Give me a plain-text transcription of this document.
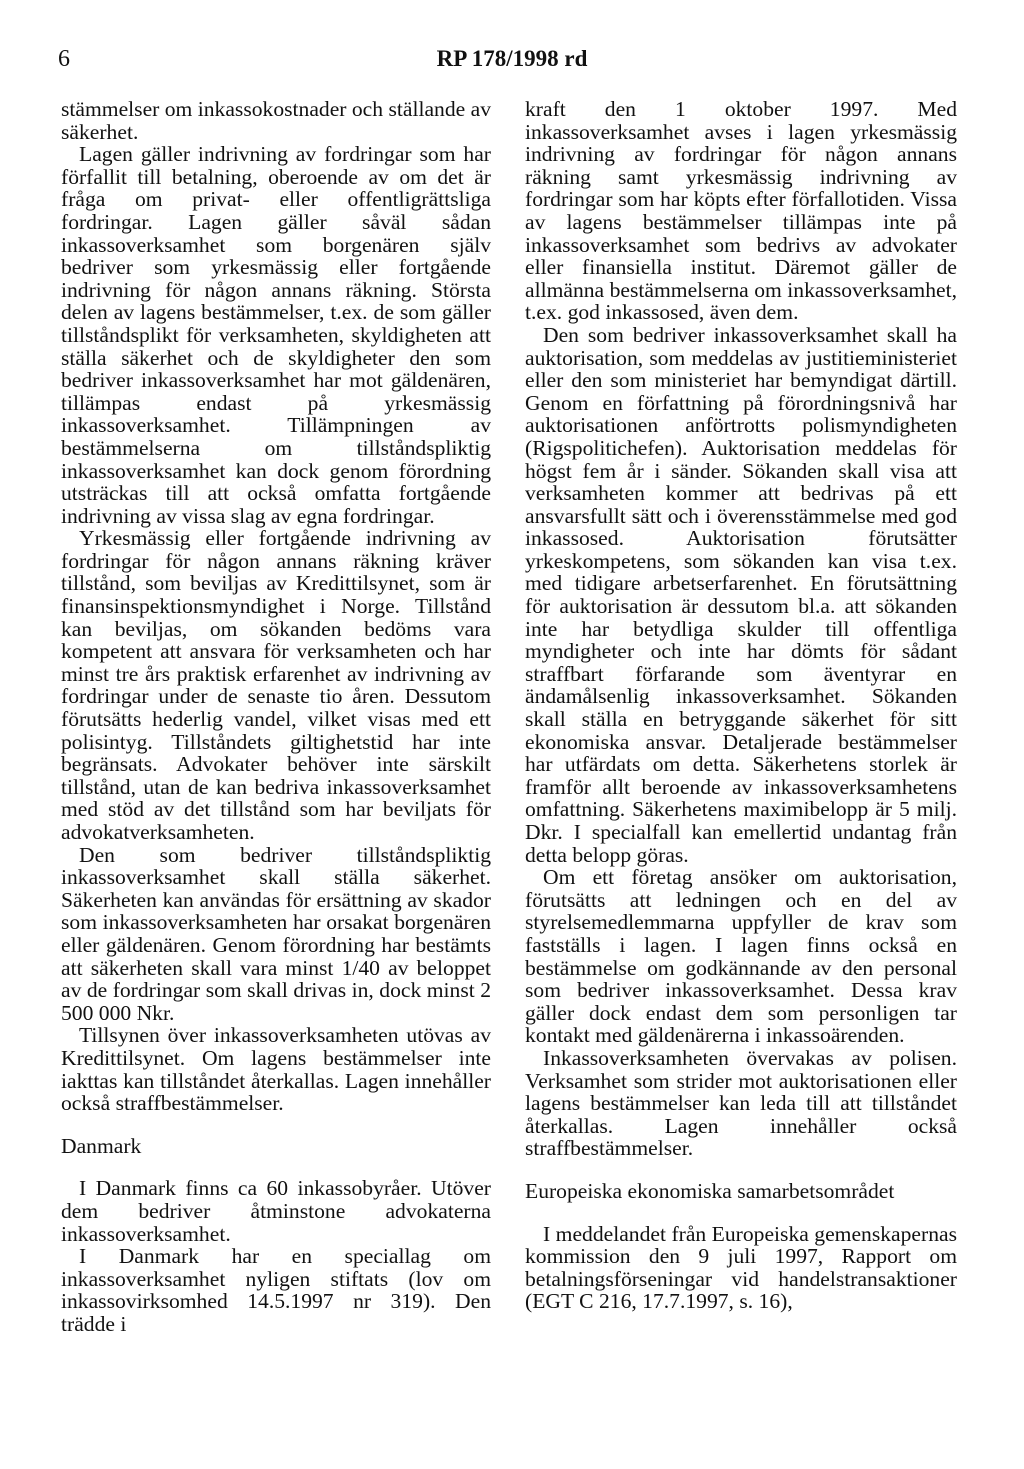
6	RP 178/1998 rd

stämmelser om inkassokostnader och ställande av säkerhet.

Lagen gäller indrivning av fordringar som har förfallit till betalning, oberoende av om det är fråga om privat- eller offentligrättsliga fordringar. Lagen gäller såväl sådan inkassoverksamhet som borgenären själv bedriver som yrkesmässig eller fortgående indrivning för någon annans räkning. Största delen av lagens bestämmelser, t.ex. de som gäller tillståndsplikt för verksamheten, skyldigheten att ställa säkerhet och de skyldigheter den som bedriver inkassoverksamhet har mot gäldenären, tillämpas endast på yrkesmässig inkassoverksamhet. Tillämpningen av bestämmelserna om tillståndspliktig inkassoverksamhet kan dock genom förordning utsträckas till att också omfatta fortgående indrivning av vissa slag av egna fordringar.

Yrkesmässig eller fortgående indrivning av fordringar för någon annans räkning kräver tillstånd, som beviljas av Kredittilsynet, som är finansinspektionsmyndighet i Norge. Tillstånd kan beviljas, om sökanden bedöms vara kompetent att ansvara för verksamheten och har minst tre års praktisk erfarenhet av indrivning av fordringar under de senaste tio åren. Dessutom förutsätts hederlig vandel, vilket visas med ett polisintyg. Tillståndets giltighetstid har inte begränsats. Advokater behöver inte särskilt tillstånd, utan de kan bedriva inkassoverksamhet med stöd av det tillstånd som har beviljats för advokatverksamheten.

Den som bedriver tillståndspliktig inkassoverksamhet skall ställa säkerhet. Säkerheten kan användas för ersättning av skador som inkassoverksamheten har orsakat borgenären eller gäldenären. Genom förordning har bestämts att säkerheten skall vara minst 1/40 av beloppet av de fordringar som skall drivas in, dock minst 2 500 000 Nkr.

Tillsynen över inkassoverksamheten utövas av Kredittilsynet. Om lagens bestämmelser inte iakttas kan tillståndet återkallas. Lagen innehåller också straffbestämmelser.

Danmark

I Danmark finns ca 60 inkassobyråer. Utöver dem bedriver åtminstone advokaterna inkassoverksamhet.

I Danmark har en speciallag om inkassoverksamhet nyligen stiftats (lov om inkassovirksomhed 14.5.1997 nr 319). Den trädde i

kraft den 1 oktober 1997. Med inkassoverksamhet avses i lagen yrkesmässig indrivning av fordringar för någon annans räkning samt yrkesmässig indrivning av fordringar som har köpts efter förfallotiden. Vissa av lagens bestämmelser tillämpas inte på inkassoverksamhet som bedrivs av advokater eller finansiella institut. Däremot gäller de allmänna bestämmelserna om inkassoverksamhet, t.ex. god inkassosed, även dem.

Den som bedriver inkassoverksamhet skall ha auktorisation, som meddelas av justitieministeriet eller den som ministeriet har bemyndigat därtill. Genom en författning på förordningsnivå har auktorisationen anförtrotts polismyndigheten (Rigspolitichefen). Auktorisation meddelas för högst fem år i sänder. Sökanden skall visa att verksamheten kommer att bedrivas på ett ansvarsfullt sätt och i överensstämmelse med god inkassosed. Auktorisation förutsätter yrkeskompetens, som sökanden kan visa t.ex. med tidigare arbetserfarenhet. En förutsättning för auktorisation är dessutom bl.a. att sökanden inte har betydliga skulder till offentliga myndigheter och inte har dömts för sådant straffbart förfarande som äventyrar en ändamålsenlig inkassoverksamhet. Sökanden skall ställa en betryggande säkerhet för sitt ekonomiska ansvar. Detaljerade bestämmelser har utfärdats om detta. Säkerhetens storlek är framför allt beroende av inkassoverksamhetens omfattning. Säkerhetens maximibelopp är 5 milj. Dkr. I specialfall kan emellertid undantag från detta belopp göras.

Om ett företag ansöker om auktorisation, förutsätts att ledningen och en del av styrelsemedlemmarna uppfyller de krav som fastställs i lagen. I lagen finns också en bestämmelse om godkännande av den personal som bedriver inkassoverksamhet. Dessa krav gäller dock endast dem som personligen tar kontakt med gäldenärerna i inkassoärenden.

Inkassoverksamheten övervakas av polisen. Verksamhet som strider mot auktorisationen eller lagens bestämmelser kan leda till att tillståndet återkallas. Lagen innehåller också straffbestämmelser.

Europeiska ekonomiska samarbetsområdet

I meddelandet från Europeiska gemenskapernas kommission den 9 juli 1997, Rapport om betalningsförseningar vid handelstransaktioner (EGT C 216, 17.7.1997, s. 16),
